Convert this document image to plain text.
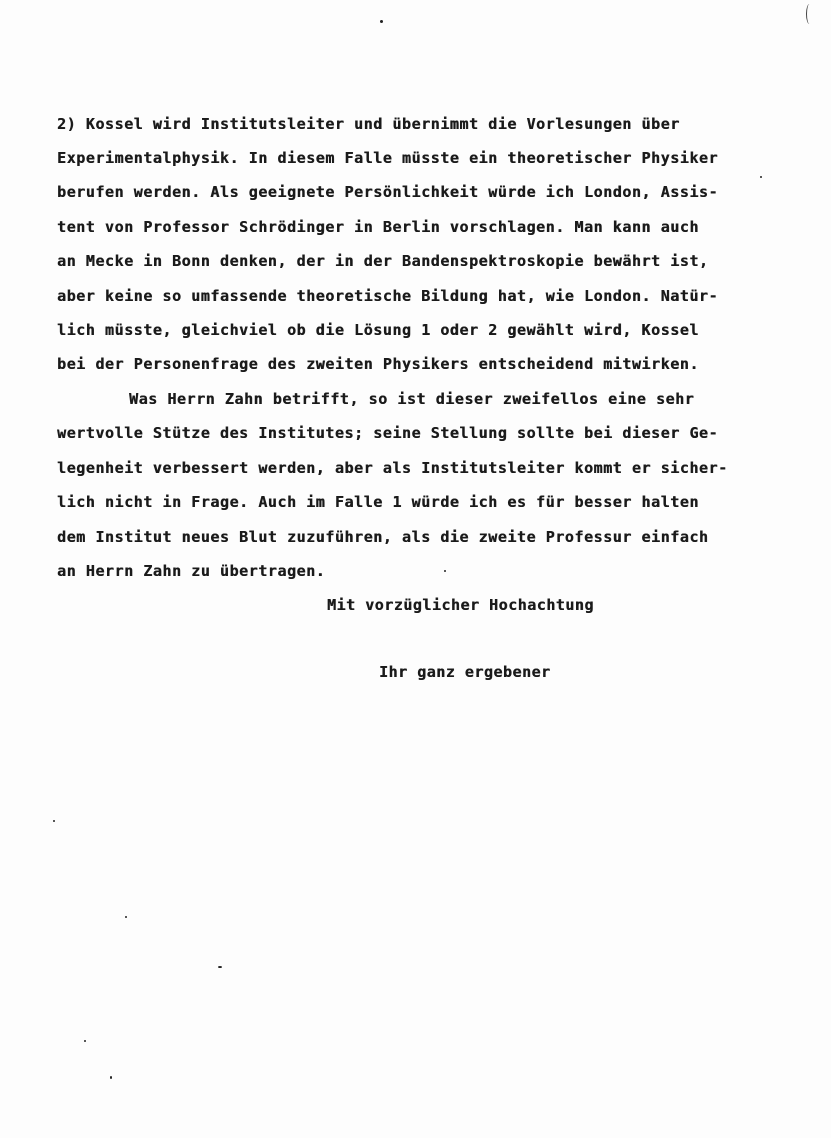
2) Kossel wird Institutsleiter und übernimmt die Vorlesungen über
Experimentalphysik. In diesem Falle müsste ein theoretischer Physiker
berufen werden. Als geeignete Persönlichkeit würde ich London, Assis-
tent von Professor Schrödinger in Berlin vorschlagen. Man kann auch
an Mecke in Bonn denken, der in der Bandenspektroskopie bewährt ist,
aber keine so umfassende theoretische Bildung hat, wie London. Natür-
lich müsste, gleichviel ob die Lösung 1 oder 2 gewählt wird, Kossel
bei der Personenfrage des zweiten Physikers entscheidend mitwirken.
Was Herrn Zahn betrifft, so ist dieser zweifellos eine sehr
wertvolle Stütze des Institutes; seine Stellung sollte bei dieser Ge-
legenheit verbessert werden, aber als Institutsleiter kommt er sicher-
lich nicht in Frage. Auch im Falle 1 würde ich es für besser halten
dem Institut neues Blut zuzuführen, als die zweite Professur einfach
an Herrn Zahn zu übertragen.
Mit vorzüglicher Hochachtung
Ihr ganz ergebener
